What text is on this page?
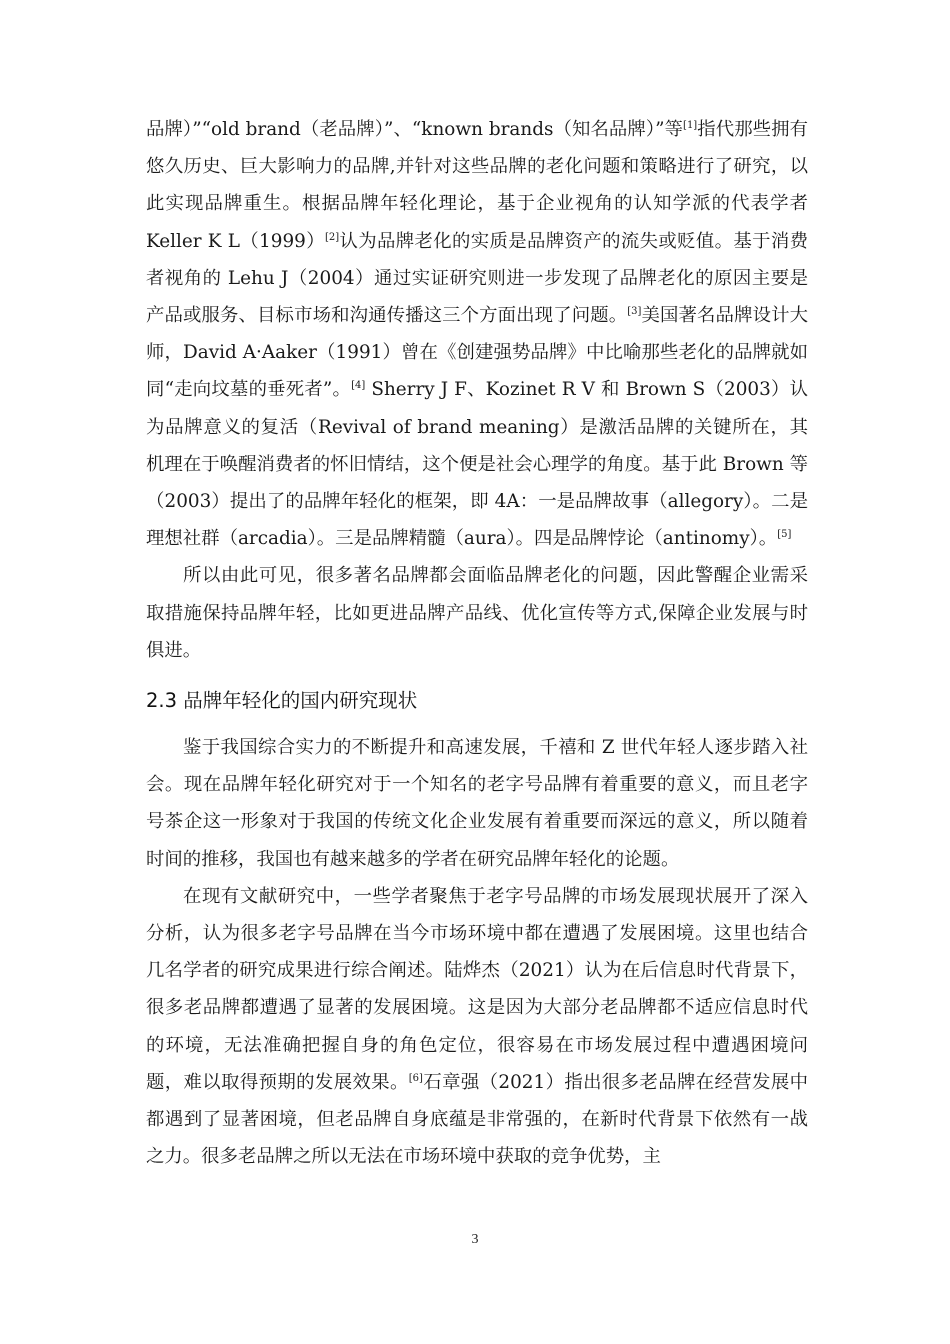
品牌）”“old brand（老品牌）”、“known brands（知名品牌）”等[1]指代那些拥有悠久历史、巨大影响力的品牌,并针对这些品牌的老化问题和策略进行了研究，以此实现品牌重生。根据品牌年轻化理论，基于企业视角的认知学派的代表学者 Keller K L（1999）[2]认为品牌老化的实质是品牌资产的流失或贬值。基于消费者视角的 Lehu J（2004）通过实证研究则进一步发现了品牌老化的原因主要是产品或服务、目标市场和沟通传播这三个方面出现了问题。[3]美国著名品牌设计大师，David A·Aaker（1991）曾在《创建强势品牌》中比喻那些老化的品牌就如同“走向坟墓的垂死者”。[4] Sherry J F、Kozinet R V 和 Brown S（2003）认为品牌意义的复活（Revival of brand meaning）是激活品牌的关键所在，其机理在于唤醒消费者的怀旧情结，这个便是社会心理学的角度。基于此 Brown 等（2003）提出了的品牌年轻化的框架，即 4A：一是品牌故事（allegory）。二是理想社群（arcadia）。三是品牌精髓（aura）。四是品牌悖论（antinomy）。[5]

所以由此可见，很多著名品牌都会面临品牌老化的问题，因此警醒企业需采取措施保持品牌年轻，比如更进品牌产品线、优化宣传等方式,保障企业发展与时俱进。

2.3 品牌年轻化的国内研究现状

鉴于我国综合实力的不断提升和高速发展，千禧和 Z 世代年轻人逐步踏入社会。现在品牌年轻化研究对于一个知名的老字号品牌有着重要的意义，而且老字号茶企这一形象对于我国的传统文化企业发展有着重要而深远的意义，所以随着时间的推移，我国也有越来越多的学者在研究品牌年轻化的论题。

在现有文献研究中，一些学者聚焦于老字号品牌的市场发展现状展开了深入分析，认为很多老字号品牌在当今市场环境中都在遭遇了发展困境。这里也结合几名学者的研究成果进行综合阐述。陆烨杰（2021）认为在后信息时代背景下，很多老品牌都遭遇了显著的发展困境。这是因为大部分老品牌都不适应信息时代的环境，无法准确把握自身的角色定位，很容易在市场发展过程中遭遇困境问题，难以取得预期的发展效果。[6]石章强（2021）指出很多老品牌在经营发展中都遇到了显著困境，但老品牌自身底蕴是非常强的，在新时代背景下依然有一战之力。很多老品牌之所以无法在市场环境中获取的竞争优势，主

3
